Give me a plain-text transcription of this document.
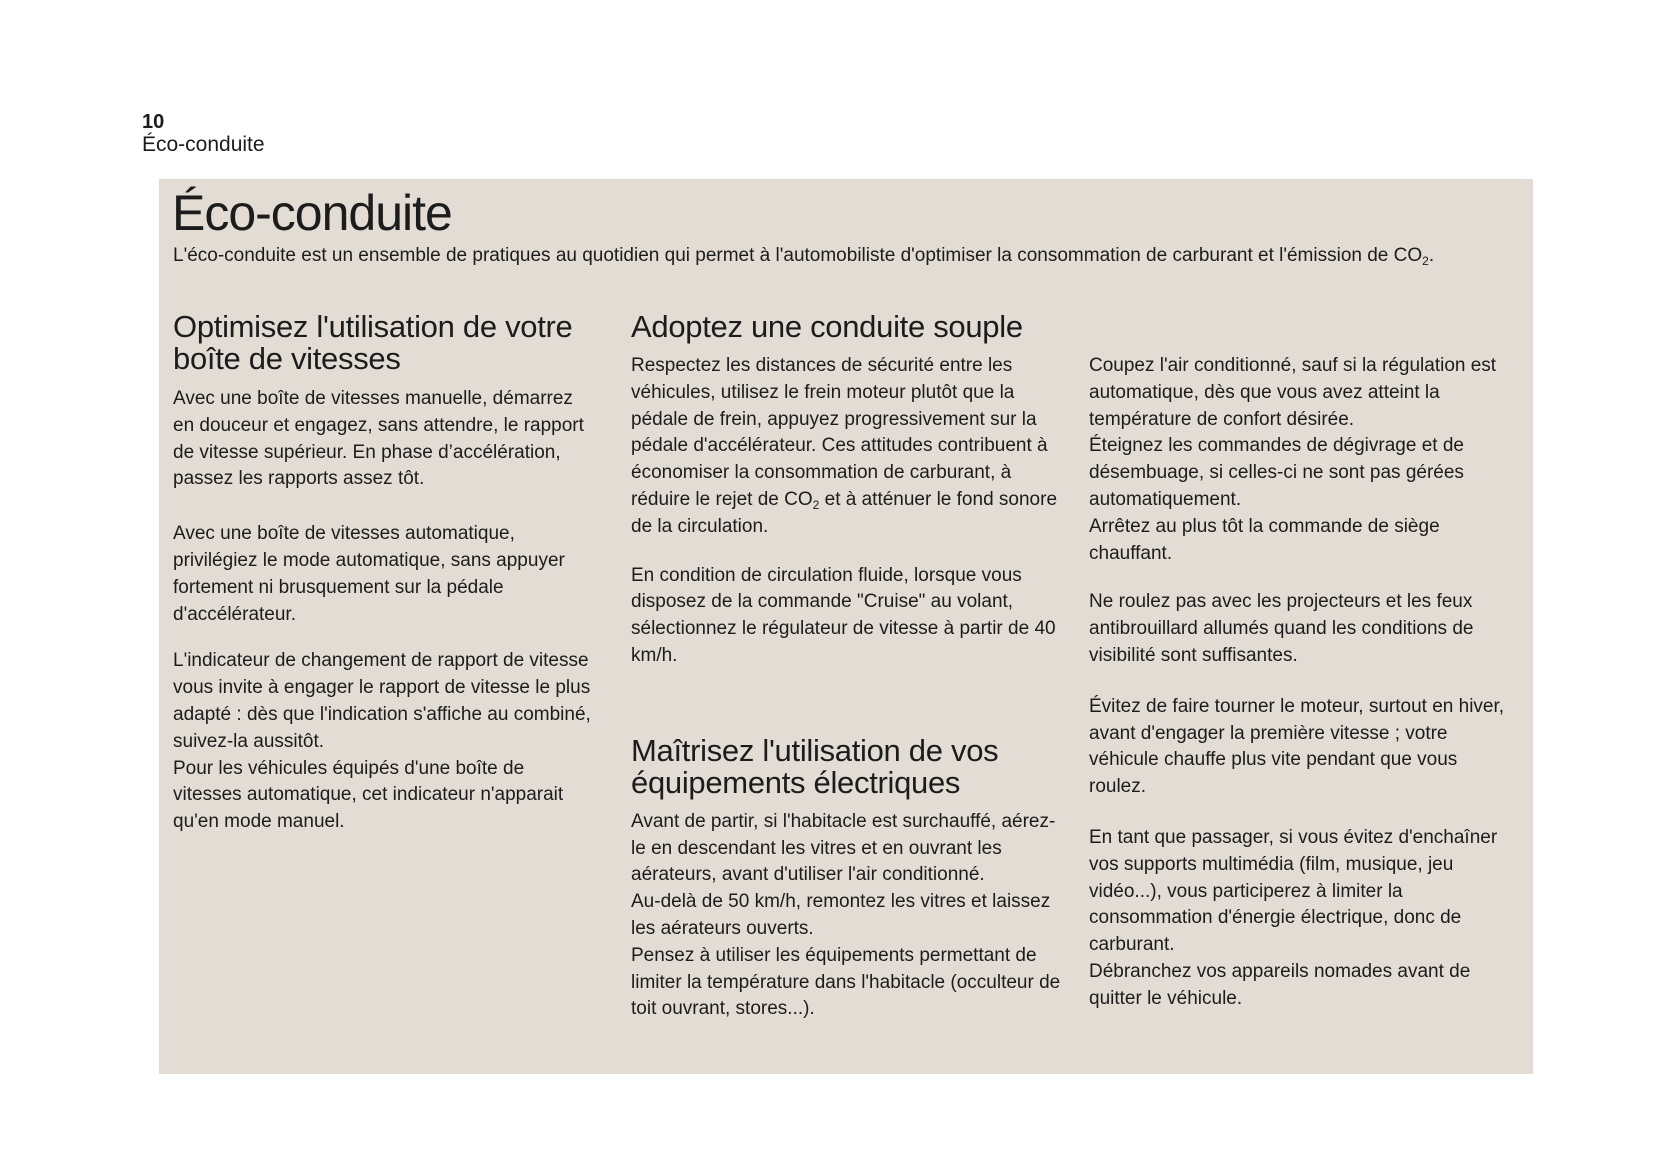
10
Éco-conduite
Éco-conduite

L'éco-conduite est un ensemble de pratiques au quotidien qui permet à l'automobiliste d'optimiser la consommation de carburant et l'émission de $CO_2$.

Optimisez l'utilisation de votre
boîte de vitesses

Avec une boîte de vitesses manuelle, démarrez en douceur et engagez, sans attendre, le rapport de vitesse supérieur. En phase d’accélération, passez les rapports assez tôt.

Avec une boîte de vitesses automatique, privilégiez le mode automatique, sans appuyer fortement ni brusquement sur la pédale d'accélérateur.

L'indicateur de changement de rapport de vitesse vous invite à engager le rapport de vitesse le plus adapté : dès que l'indication s'affiche au combiné, suivez-la aussitôt.

Pour les véhicules équipés d'une boîte de vitesses automatique, cet indicateur n'apparait qu'en mode manuel.

Adoptez une conduite souple

Respectez les distances de sécurité entre les véhicules, utilisez le frein moteur plutôt que la pédale de frein, appuyez progressivement sur la pédale d'accélérateur. Ces attitudes contribuent à économiser la consommation de carburant, à réduire le rejet de $CO_2$ et à atténuer le fond sonore de la circulation.

En condition de circulation fluide, lorsque vous disposez de la commande "Cruise" au volant, sélectionnez le régulateur de vitesse à partir de 40 km/h.

Maîtrisez l'utilisation de vos
équipements électriques

Avant de partir, si l'habitacle est surchauffé, aérez-le en descendant les vitres et en ouvrant les aérateurs, avant d'utiliser l'air conditionné.

Au-delà de 50 km/h, remontez les vitres et laissez les aérateurs ouverts.

Pensez à utiliser les équipements permettant de limiter la température dans l'habitacle (occulteur de toit ouvrant, stores...).

Coupez l'air conditionné, sauf si la régulation est automatique, dès que vous avez atteint la température de confort désirée.

Éteignez les commandes de dégivrage et de désembuage, si celles-ci ne sont pas gérées automatiquement.

Arrêtez au plus tôt la commande de siège chauffant.

Ne roulez pas avec les projecteurs et les feux antibrouillard allumés quand les conditions de visibilité sont suffisantes.

Évitez de faire tourner le moteur, surtout en hiver, avant d'engager la première vitesse ; votre véhicule chauffe plus vite pendant que vous roulez.

En tant que passager, si vous évitez d'enchaîner vos supports multimédia (film, musique, jeu vidéo...), vous participerez à limiter la consommation d'énergie électrique, donc de carburant.

Débranchez vos appareils nomades avant de quitter le véhicule.
